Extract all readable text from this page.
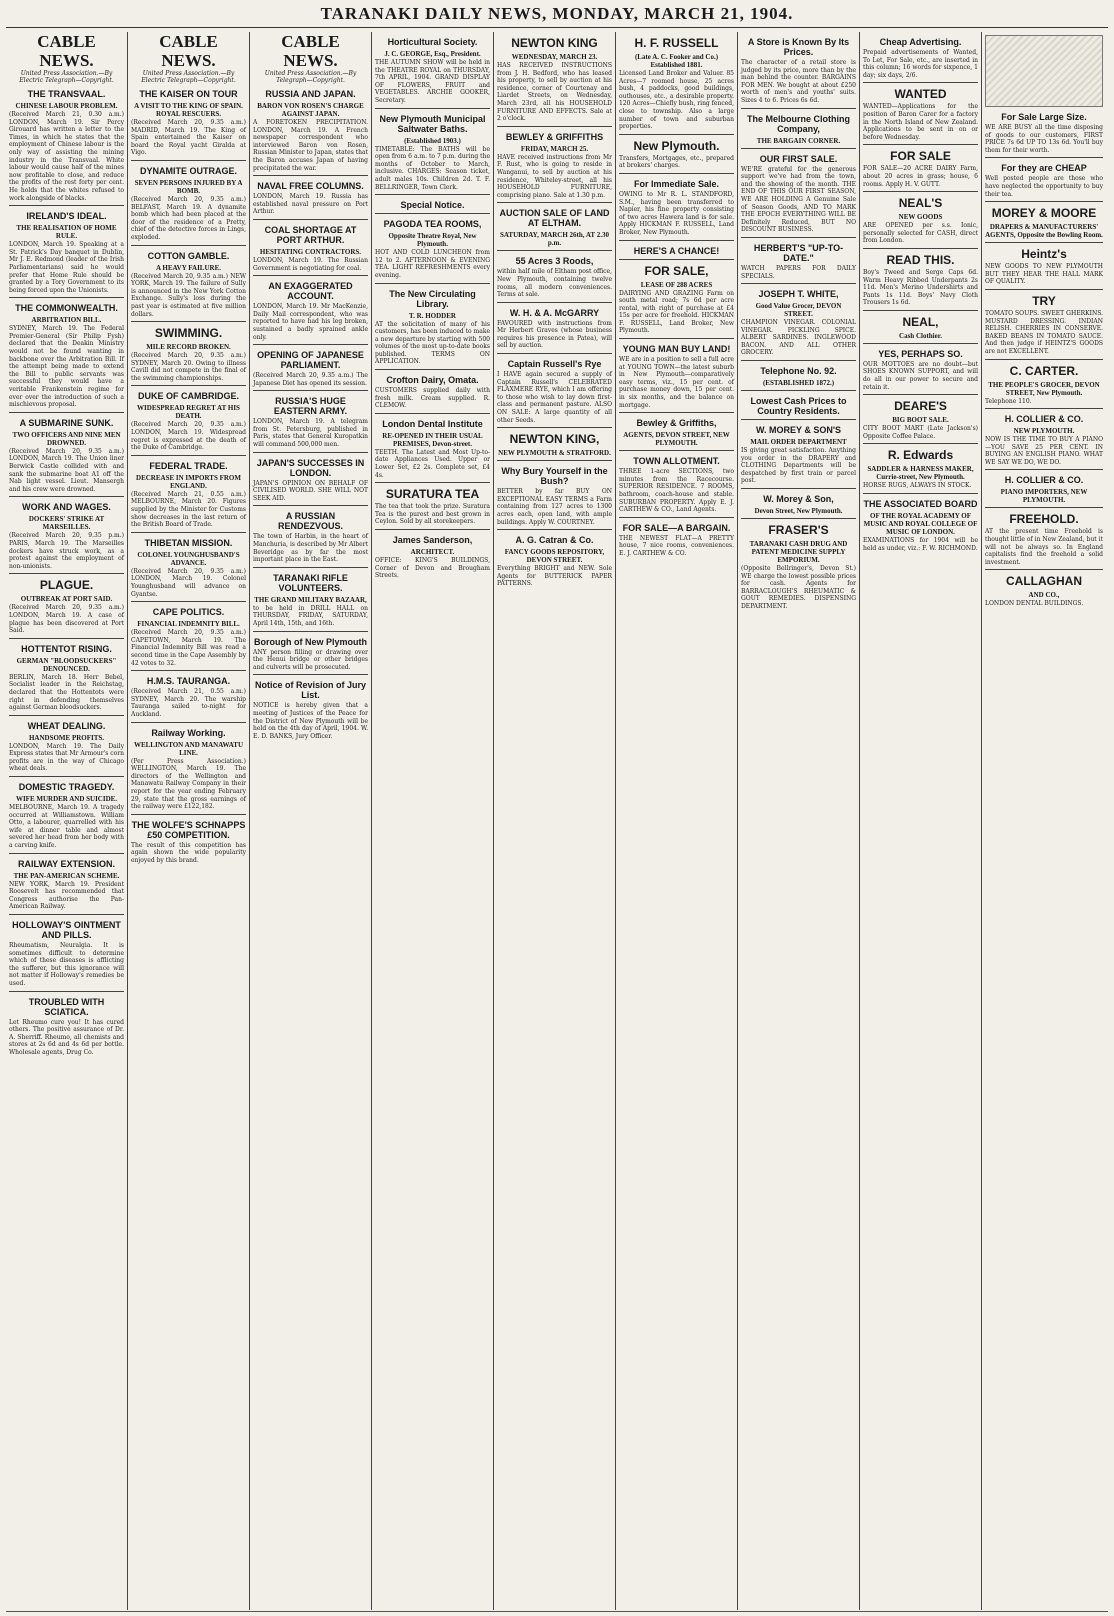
TARANAKI DAILY NEWS, MONDAY, MARCH 21, 1904.
CABLE NEWS.
United Press Association.—By Electric Telegraph—Copyright.
THE TRANSVAAL.
CHINESE LABOUR PROBLEM.
(Received March 21, 0.30 a.m.) LONDON, March 19. Sir Percy Girouard has written a letter to the Times, in which he states that the employment of Chinese labour is the only way of assisting the mining industry in the Transvaal. White labour would cause half of the mines now profitable to close, and reduce the profits of the rest forty per cent. He holds that the whites refused to work alongside of blacks.
IRELAND'S IDEAL.
THE REALISATION OF HOME RULE.
LONDON, March 19. Speaking at a St. Patrick's Day banquet in Dublin, Mr J. E. Redmond (leader of the Irish Parliamentarians) said he would prefer that Home Rule should be granted by a Tory Government to its being forced upon the Unionists.
THE COMMONWEALTH.
ARBITRATION BILL.
SYDNEY, March 19. The Federal Premier-General (Sir Philip Fysh) declared that the Deakin Ministry would not be found wanting in backbone over the Arbitration Bill. If the attempt being made to extend the Bill to public servants was successful they would have a veritable Frankenstein regime for ever over the introduction of such a mischievous proposal.
A SUBMARINE SUNK.
TWO OFFICERS AND NINE MEN DROWNED.
(Received March 20, 9.35 a.m.) LONDON, March 19. The Union liner Berwick Castle collided with and sank the submarine boat A1 off the Nab light vessel. Lieut. Mansergh and his crew were drowned.
WORK AND WAGES.
DOCKERS' STRIKE AT MARSEILLES.
(Received March 20, 9.35 p.m.) PARIS, March 19. The Marseilles dockers have struck work, as a protest against the employment of non-unionists.
PLAGUE.
OUTBREAK AT PORT SAID.
(Received March 20, 9.35 a.m.) LONDON, March 19. A case of plague has been discovered at Port Said.
HOTTENTOT RISING.
GERMAN "BLOODSUCKERS" DENOUNCED.
BERLIN, March 18. Herr Bebel, Socialist leader in the Reichstag, declared that the Hottentots were right in defending themselves against German bloodsuckers.
WHEAT DEALING.
HANDSOME PROFITS.
LONDON, March 19. The Daily Express states that Mr Armour's corn profits are in the way of Chicago wheat deals.
DOMESTIC TRAGEDY.
WIFE MURDER AND SUICIDE.
MELBOURNE, March 19. A tragedy occurred at Williamstown. William Otto, a labourer, quarrelled with his wife at dinner table and almost severed her head from her body with a carving knife.
RAILWAY EXTENSION.
THE PAN-AMERICAN SCHEME.
NEW YORK, March 19. President Roosevelt has recommended that Congress authorise the Pan-American Railway.
HOLLOWAY'S OINTMENT AND PILLS.
Rheumatism, Neuralgia. It is sometimes difficult to determine which of these diseases is afflicting the sufferer, but this ignorance will not matter if Holloway's remedies be used.
TROUBLED WITH SCIATICA.
Let Rheumo cure you! It has cured others. The positive assurance of Dr. A. Sherriff. Rheumo, all chemists and stores at 2s 6d and 4s 6d per bottle. Wholesale agents, Drug Co.
CABLE NEWS.
United Press Association.—By Electric Telegraph—Copyright.
THE KAISER ON TOUR
A VISIT TO THE KING OF SPAIN. ROYAL RESCUERS.
(Received March 20, 9.35 a.m.) MADRID, March 19. The King of Spain entertained the Kaiser on board the Royal yacht Giralda at Vigo.
DYNAMITE OUTRAGE.
SEVEN PERSONS INJURED BY A BOMB.
(Received March 20, 9.35 a.m.) BELFAST, March 19. A dynamite bomb which had been placed at the door of the residence of a Pretty, chief of the detective forces in Lings, exploded.
COTTON GAMBLE.
A HEAVY FAILURE.
(Received March 20, 9.35 a.m.) NEW YORK, March 19. The failure of Sully is announced in the New York Cotton Exchange. Sully's loss during the past year is estimated at five million dollars.
SWIMMING.
MILE RECORD BROKEN.
(Received March 20, 9.35 a.m.) SYDNEY, March 20. Owing to illness Cavill did not compete in the final of the swimming championships.
DUKE OF CAMBRIDGE.
WIDESPREAD REGRET AT HIS DEATH.
(Received March 20, 9.35 a.m.) LONDON, March 19. Widespread regret is expressed at the death of the Duke of Cambridge.
FEDERAL TRADE.
DECREASE IN IMPORTS FROM ENGLAND.
(Received March 21, 0.55 a.m.) MELBOURNE, March 20. Figures supplied by the Minister for Customs show decreases in the last return of the British Board of Trade.
THIBETAN MISSION.
COLONEL YOUNGHUSBAND'S ADVANCE.
(Received March 20, 9.35 a.m.) LONDON, March 19. Colonel Younghusband will advance on Gyantse.
CAPE POLITICS.
FINANCIAL INDEMNITY BILL.
(Received March 20, 9.35 a.m.) CAPETOWN, March 19. The Financial Indemnity Bill was read a second time in the Cape Assembly by 42 votes to 32.
H.M.S. TAURANGA.
(Received March 21, 0.55 a.m.) SYDNEY, March 20. The warship Tauranga sailed to-night for Auckland.
Railway Working.
WELLINGTON AND MANAWATU LINE.
(Per Press Association.) WELLINGTON, March 19. The directors of the Wellington and Manawatu Railway Company in their report for the year ending February 29, state that the gross earnings of the railway were £122,182.
THE WOLFE'S SCHNAPPS £50 COMPETITION.
The result of this competition has again shown the wide popularity enjoyed by this brand.
CABLE NEWS.
United Press Association.—By Telegraph—Copyright.
RUSSIA AND JAPAN.
BARON VON ROSEN'S CHARGE AGAINST JAPAN.
A FORETOKEN PRECIPITATION. LONDON, March 19. A French newspaper correspondent who interviewed Baron von Rosen, Russian Minister to Japan, states that the Baron accuses Japan of having precipitated the war.
NAVAL FREE COLUMNS.
LONDON, March 19. Russia has established naval pressure on Port Arthur.
COAL SHORTAGE AT PORT ARTHUR.
HESITATING CONTRACTORS.
LONDON, March 19. The Russian Government is negotiating for coal.
AN EXAGGERATED ACCOUNT.
LONDON, March 19. Mr MacKenzie, Daily Mail correspondent, who was reported to have had his leg broken, sustained a badly sprained ankle only.
OPENING OF JAPANESE PARLIAMENT.
(Received March 20, 9.35 a.m.) The Japanese Diet has opened its session.
RUSSIA'S HUGE EASTERN ARMY.
LONDON, March 19. A telegram from St. Petersburg, published in Paris, states that General Kuropatkin will command 500,000 men.
JAPAN'S SUCCESSES IN LONDON.
JAPAN'S OPINION ON BEHALF OF CIVILISED WORLD. SHE WILL NOT SEEK AID.
A RUSSIAN RENDEZVOUS.
The town of Harbin, in the heart of Manchuria, is described by Mr Albert Beveridge as by far the most important place in the East.
TARANAKI RIFLE VOLUNTEERS.
THE GRAND MILITARY BAZAAR,
to be held in DRILL HALL on THURSDAY, FRIDAY, SATURDAY, April 14th, 15th, and 16th.
Borough of New Plymouth
ANY person filling or drawing over the Henui bridge or other bridges and culverts will be prosecuted.
Notice of Revision of Jury List.
NOTICE is hereby given that a meeting of Justices of the Peace for the District of New Plymouth will be held on the 4th day of April, 1904. W. E. D. BANKS, Jury Officer.
Horticultural Society.
J. C. GEORGE, Esq., President.
THE AUTUMN SHOW will be held in the THEATRE ROYAL on THURSDAY, 7th APRIL, 1904. GRAND DISPLAY OF FLOWERS, FRUIT and VEGETABLES. ARCHIE GOOKER, Secretary.
New Plymouth Municipal Saltwater Baths.
(Established 1903.)
TIMETABLE: The BATHS will be open from 6 a.m. to 7 p.m. during the months of October to March, inclusive. CHARGES: Season ticket, adult males 10s. Children 2d. T. F. BELLRINGER, Town Clerk.
Special Notice.
PAGODA TEA ROOMS,
Opposite Theatre Royal, New Plymouth.
HOT AND COLD LUNCHEON from 12 to 2. AFTERNOON & EVENING TEA. LIGHT REFRESHMENTS every evening.
The New Circulating Library.
T. R. HODDER
AT the solicitation of many of his customers, has been induced to make a new departure by starting with 500 volumes of the most up-to-date books published. TERMS ON APPLICATION.
Crofton Dairy, Omata.
CUSTOMERS supplied daily with fresh milk. Cream supplied. R. CLEMOW.
London Dental Institute
RE-OPENED IN THEIR USUAL PREMISES, Devon-street.
TEETH. The Latest and Most Up-to-date Appliances Used. Upper or Lower Set, £2 2s. Complete set, £4 4s.
SURATURA TEA
The tea that took the prize. Suratura Tea is the purest and best grown in Ceylon. Sold by all storekeepers.
James Sanderson,
ARCHITECT.
OFFICE: KING'S BUILDINGS, Corner of Devon and Brougham Streets.
NEWTON KING
WEDNESDAY, MARCH 23.
HAS RECEIVED INSTRUCTIONS from J. H. Bedford, who has leased his property, to sell by auction at his residence, corner of Courtenay and Liardet Streets, on Wednesday, March 23rd, all his HOUSEHOLD FURNITURE AND EFFECTS. Sale at 2 o'clock.
BEWLEY & GRIFFITHS
FRIDAY, MARCH 25.
HAVE received instructions from Mr F. Rust, who is going to reside in Wanganui, to sell by auction at his residence, Whiteley-street, all his HOUSEHOLD FURNITURE, comprising piano. Sale at 1.30 p.m.
AUCTION SALE OF LAND AT ELTHAM.
SATURDAY, MARCH 26th, AT 2.30 p.m.
55 Acres 3 Roods,
within half mile of Eltham post office, New Plymouth, containing twelve rooms, all modern conveniences. Terms at sale.
W. H. & A. McGARRY
FAVOURED with instructions from Mr Herbert Graves (whose business requires his presence in Patea), will sell by auction.
Captain Russell's Rye
I HAVE again secured a supply of Captain Russell's CELEBRATED FLAXMERE RYE, which I am offering to those who wish to lay down first-class and permanent pasture. ALSO ON SALE: A large quantity of all other Seeds.
NEWTON KING,
NEW PLYMOUTH & STRATFORD.
Why Bury Yourself in the Bush?
BETTER by far BUY ON EXCEPTIONAL EASY TERMS a Farm containing from 127 acres to 1300 acres each, open land, with ample buildings. Apply W. COURTNEY.
A. G. Catran & Co.
FANCY GOODS REPOSITORY, DEVON STREET.
Everything BRIGHT and NEW. Sole Agents for BUTTERICK PAPER PATTERNS.
H. F. RUSSELL
(Late A. C. Fooker and Co.) Established 1881.
Licensed Land Broker and Valuer. 85 Acres—7 roomed house, 25 acres bush, 4 paddocks, good buildings, outhouses, etc., a desirable property. 120 Acres—Chiefly bush, ring fenced, close to township. Also a large number of town and suburban properties.
New Plymouth.
Transfers, Mortgages, etc., prepared at brokers' charges.
For Immediate Sale.
OWING to Mr R. L. STANDFORD, S.M., having been transferred to Napier, his fine property consisting of two acres Hawera land is for sale. Apply HICKMAN F. RUSSELL, Land Broker, New Plymouth.
HERE'S A CHANCE!
FOR SALE,
LEASE OF 288 ACRES
DAIRYING AND GRAZING Farm on south metal road; 7s 6d per acre rental, with right of purchase at £4 15s per acre for freehold. HICKMAN F. RUSSELL, Land Broker, New Plymouth.
YOUNG MAN BUY LAND!
WE are in a position to sell a full acre at YOUNG TOWN—the latest suburb in New Plymouth—comparatively easy terms, viz., 15 per cent. of purchase money down, 15 per cent. in six months, and the balance on mortgage.
Bewley & Griffiths,
AGENTS, DEVON STREET, NEW PLYMOUTH.
TOWN ALLOTMENT.
THREE 1-acre SECTIONS, two minutes from the Racecourse. SUPERIOR RESIDENCE. 7 ROOMS, bathroom, coach-house and stable. SUBURBAN PROPERTY. Apply E. J. CARTHEW & CO., Land Agents.
FOR SALE—A BARGAIN.
THE NEWEST FLAT—A PRETTY house, 7 nice rooms, conveniences. E. J. CARTHEW & CO.
A Store is Known By Its Prices.
The character of a retail store is judged by its price, more than by the man behind the counter. BARGAINS FOR MEN. We bought at about £250 worth of men's and youths' suits. Sizes 4 to 6. Prices 6s 6d.
The Melbourne Clothing Company,
THE BARGAIN CORNER.
OUR FIRST SALE.
WE'RE grateful for the generous support we've had from the town, and the showing of the month. THE END OF THIS OUR FIRST SEASON, WE ARE HOLDING A Genuine Sale of Season Goods, AND TO MARK THE EPOCH EVERYTHING WILL BE Definitely Reduced, BUT NO DISCOUNT BUSINESS.
HERBERT'S "UP-TO-DATE."
WATCH PAPERS FOR DAILY SPECIALS.
JOSEPH T. WHITE,
Good Value Grocer, DEVON STREET.
CHAMPION VINEGAR. COLONIAL VINEGAR. PICKLING SPICE. ALBERT SARDINES. INGLEWOOD BACON. AND ALL OTHER GROCERY.
Telephone No. 92.
(ESTABLISHED 1872.)
Lowest Cash Prices to Country Residents.
W. MOREY & SON'S
MAIL ORDER DEPARTMENT
IS giving great satisfaction. Anything you order in the DRAPERY and CLOTHING Departments will be despatched by first train or parcel post.
W. Morey & Son,
Devon Street, New Plymouth.
FRASER'S
TARANAKI CASH DRUG AND PATENT MEDICINE SUPPLY EMPORIUM.
(Opposite Bellringer's, Devon St.) WE charge the lowest possible prices for cash. Agents for BARRACLOUGH'S RHEUMATIC & GOUT REMEDIES. DISPENSING DEPARTMENT.
Cheap Advertising.
Prepaid advertisements of Wanted, To Let, For Sale, etc., are inserted in this column; 16 words for sixpence, 1 day; six days, 2/6.
WANTED
WANTED—Applications for the position of Baron Carer for a factory in the North Island of New Zealand. Applications to be sent in on or before Wednesday.
FOR SALE
FOR SALE—20 ACRE DAIRY Farm, about 20 acres in grass; house, 6 rooms. Apply H. V. GUTT.
NEAL'S
NEW GOODS
ARE OPENED per s.s. Ionic, personally selected for CASH, direct from London.
READ THIS.
Boy's Tweed and Serge Caps 6d. Warm Heavy Ribbed Underpants 2s 11d. Men's Merino Undershirts and Pants 1s 11d. Boys' Navy Cloth Trousers 1s 6d.
NEAL,
Cash Clothier.
YES, PERHAPS SO.
OUR MOTTOES are no doubt—but SHOES KNOWN SUPPORT, and will do all in our power to secure and retain it.
DEARE'S
BIG BOOT SALE.
CITY BOOT MART (Late Jackson's) Opposite Coffee Palace.
R. Edwards
SADDLER & HARNESS MAKER, Currie-street, New Plymouth.
HORSE RUGS, ALWAYS IN STOCK.
THE ASSOCIATED BOARD
OF THE ROYAL ACADEMY OF MUSIC AND ROYAL COLLEGE OF MUSIC OF LONDON.
EXAMINATIONS for 1904 will be held as under, viz.: F. W. RICHMOND.
For Sale Large Size.
WE ARE BUSY all the time disposing of goods to our customers, FIRST PRICE 7s 6d UP TO 13s 6d. You'll buy them for their worth.
For they are CHEAP
Well posted people are those who have neglected the opportunity to buy their tea.
MOREY & MOORE
DRAPERS & MANUFACTURERS' AGENTS, Opposite the Bowling Room.
Heintz's
NEW GOODS TO NEW PLYMOUTH BUT THEY HEAR THE HALL MARK OF QUALITY.
TRY
TOMATO SOUPS. SWEET GHERKINS. MUSTARD DRESSING. INDIAN RELISH. CHERRIES IN CONSERVE. BAKED BEANS IN TOMATO SAUCE. And then judge if HEINTZ'S GOODS are not EXCELLENT.
C. CARTER.
THE PEOPLE'S GROCER, DEVON STREET, New Plymouth.
Telephone 110.
H. COLLIER & CO.
NEW PLYMOUTH.
NOW IS THE TIME TO BUY A PIANO—YOU SAVE 25 PER CENT. IN BUYING AN ENGLISH PIANO. WHAT WE SAY WE DO, WE DO.
H. COLLIER & CO.
PIANO IMPORTERS, NEW PLYMOUTH.
FREEHOLD.
AT the present time Freehold is thought little of in New Zealand, but it will not be always so. In England capitalists find the freehold a solid investment.
CALLAGHAN
AND CO.,
LONDON DENTAL BUILDINGS.
